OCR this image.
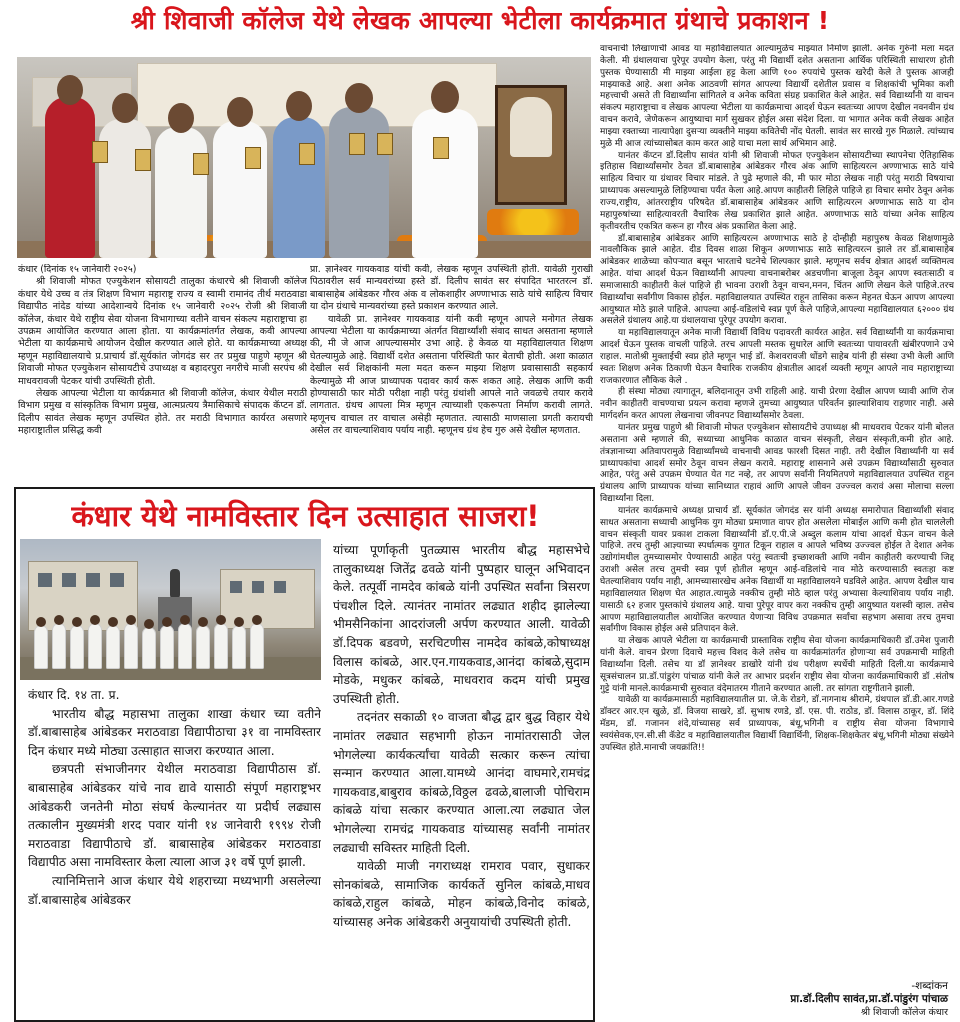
श्री शिवाजी कॉलेज येथे लेखक आपल्या भेटीला कार्यक्रमात ग्रंथाचे प्रकाशन !

कंधार (दिनांक १५ जानेवारी २०२५)

श्री शिवाजी मोफत एज्युकेशन सोसायटी तालुका कंधारचे श्री शिवाजी कॉलेज कंधार येथे उच्च व तंत्र शिक्षण विभाग महाराष्ट्र राज्य व स्वामी रामानंद तीर्थ मराठवाडा विद्यापीठ नांदेड यांच्या आदेशान्वये दिनांक १५ जानेवारी २०२५ रोजी श्री शिवाजी कॉलेज, कंधार येथे राष्ट्रीय सेवा योजना विभागाच्या वतीने वाचन संकल्प महाराष्ट्राचा हा उपक्रम आयोजित करण्यात आला होता. या कार्यक्रमांतर्गत लेखक, कवी आपल्या भेटीला या कार्यक्रमाचे आयोजन देखील करण्यात आले होते. या कार्यक्रमाच्या अध्यक्ष म्हणून महाविद्यालयाचे प्र.प्राचार्य डॉ.सूर्यकांत जोगदंड सर तर प्रमुख पाहुणे म्हणून श्री शिवाजी मोफत एज्युकेशन सोसायटीचे उपाध्यक्ष व बहादरपुरा नगरीचे माजी सरपंच श्री माधवरावजी पेटकर यांची उपस्थिती होती.

लेखक आपल्या भेटीला या कार्यक्रमात श्री शिवाजी कॉलेज, कंधार येथील मराठी विभाग प्रमुख व सांस्कृतिक विभाग प्रमुख, आत्मप्रत्यय त्रैमासिकाचे संपादक कॅप्टन डॉ. दिलीप सावंत लेखक म्हणून उपस्थित होते. तर मराठी विभागात कार्यरत असणारे महाराष्ट्रातील प्रसिद्ध कवी

प्रा. ज्ञानेश्वर गायकवाड यांची कवी, लेखक म्हणून उपस्थिती होती. यावेळी गुराखी पिठावरील सर्व मान्यवरांच्या हस्ते डॉ. दिलीप सावंत सर संपादित भारतरत्न डॉ. बाबासाहेब आंबेडकर गौरव अंक व लोकशाहीर अण्णाभाऊ साठे यांचे साहित्य विचार या दोन ग्रंथाचे मान्यवरांच्या हस्ते प्रकाशन करण्यात आले.

यावेळी प्रा. ज्ञानेश्वर गायकवाड यांनी कवी म्हणून आपले मनोगत लेखक आपल्या भेटीला या कार्यक्रमाच्या अंतर्गत विद्यार्थ्यांशी संवाद साधत असताना म्हणाले की, मी जे आज आपल्यासमोर उभा आहे. हे केवळ या महाविद्यालयात शिक्षण घेतल्यामुळे आहे. विद्यार्थी दशेत असताना परिस्थिती फार बेताची होती. अशा काळात देखील सर्व शिक्षकांनी मला मदत करून माझ्या शिक्षण प्रवासासाठी सहकार्य केल्यामुळे मी आज प्राध्यापक पदावर कार्य करू शकत आहे. लेखक आणि कवी होण्यासाठी फार मोठी परीक्षा नाही परंतु ग्रंथांशी आपले नाते जवळचे तयार करावे लागतात. ग्रंथच आपला मित्र म्हणून त्याच्याशी एकरूपता निर्माण करावी लागते. म्हणूनच वाचाल तर वाचाल असेही म्हणतात. त्यासाठी माणसाला प्रगती करायची असेल तर वाचल्याशिवाय पर्याय नाही. म्हणूनच ग्रंथ हेच गुरु असे देखील म्हणतात.

वाचनाची लिखाणाची आवड या महाविद्यालयात आल्यामुळेच माझ्यात निर्माण झाली. अनेक गुरुंनी मला मदत केली. मी ग्रंथालयाचा पुरेपूर उपयोग केला, परंतु मी विद्यार्थी दशेत असताना आर्थिक परिस्थिती साधारण होती पुस्तक घेण्यासाठी मी माझ्या आईला हट्ट केला आणि १०० रुपयांचे पुस्तक खरेदी केले ते पुस्तक आजही माझ्याकडे आहे. अशा अनेक आठवणी सांगत आपल्या विद्यार्थी दशेतील प्रवास व शिक्षकांची भूमिका कशी महत्त्वाची असते ती विद्यार्थ्यांना सांगितले व अनेक कविता संग्रह प्रकाशित केले आहेत. सर्व विद्यार्थ्यांनी या वाचन संकल्प महाराष्ट्राचा व लेखक आपल्या भेटीला या कार्यक्रमाचा आदर्श घेऊन स्वतःच्या आपण देखील नवनवीन ग्रंथ वाचन करावे, जेणेकरून आयुष्याचा मार्ग सुखकर होईल असा संदेश दिला. या भागात अनेक कवी लेखक आहेत माझ्या रक्ताच्या नात्यापेक्षा दुसऱ्या व्यक्तीने माझ्या कवितेची नोंद घेतली. सावंत सर सारखे गुरु मिळाले. त्यांच्याच मुळे मी आज त्यांच्यासोबत काम करत आहे याचा मला सार्थ अभिमान आहे.

यानंतर कॅप्टन डॉ.दिलीप सावंत यांनी श्री शिवाजी मोफत एज्युकेशन सोसायटीच्या स्थापनेचा ऐतिहासिक इतिहास विद्यार्थ्यांसमोर ठेवत डॉ.बाबासाहेब आंबेडकर गौरव अंक आणि साहित्यरत्न अण्णाभाऊ साठे यांचे साहित्य विचार या ग्रंथावर विचार मांडले. ते पुढे म्हणाले की, मी फार मोठा लेखक नाही परंतु मराठी विषयाचा प्राध्यापक असल्यामुळे लिहिण्याचा पर्यंत केला आहे.आपण काहीतरी लिहिले पाहिजे हा विचार समोर ठेवून अनेक राज्य,राष्ट्रीय, आंतरराष्ट्रीय परिषदेत डॉ.बाबासाहेब आंबेडकर आणि साहित्यरत्न अण्णाभाऊ साठे या दोन महापुरुषांच्या साहित्यावरती वैचारिक लेख प्रकाशित झाले आहेत. अण्णाभाऊ साठे यांच्या अनेक साहित्य कृतीवरतीच एकत्रित करून हा गौरव अंक प्रकाशित केला आहे.

डॉ.बाबासाहेब आंबेडकर आणि साहित्यरत्न अण्णाभाऊ साठे हे दोन्हीही महापुरुष केवळ शिक्षणामुळे नावलौकिक झाले आहेत. दीड दिवस शाळा शिकून अण्णाभाऊ साठे साहित्यरत्न झाले तर डॉ.बाबासाहेब आंबेडकर शाळेच्या कोपऱ्यात बसून भारताचे घटनेचे शिल्पकार झाले. म्हणूनच सर्वच क्षेत्रात आदर्श व्यक्तिमत्व आहेत. यांचा आदर्श घेऊन विद्यार्थ्यांनी आपल्या वाचनाबरोबर अडचणीना बाजूला ठेवून आपण स्वतःसाठी व समाजासाठी काहीतरी केलं पाहिजे ही भावना उराशी ठेवून वाचन,मनन, चिंतन आणि लेखन केले पाहिजे.तरच विद्यार्थ्यांचा सर्वांगीण विकास होईल. महाविद्यालयात उपस्थित राहून तासिका करून मेहनत घेऊन आपण आपल्या आयुष्यात मोठे झाले पाहिजे. आपल्या आई-वडिलांचे स्वप्न पूर्ण केले पाहिजे,आपल्या महाविद्यालयात ६२००० ग्रंथ असलेले ग्रंथालय आहे.या ग्रंथालयाचा पुरेपूर उपयोग करावा.

या महाविद्यालयातून अनेक माजी विद्यार्थी विविध पदावरती कार्यरत आहेत. सर्व विद्यार्थ्यांनी या कार्यक्रमाचा आदर्श घेऊन पुस्तक वाचली पाहिजे. तरच आपली मस्तक सुधारेल आणि स्वतःच्या पायावरती खंबीरपणाने उभे राहाल. मातोश्री मुक्ताईची स्वप्न होते म्हणून भाई डॉ. केशवरावजी धोंडगे साहेब यांनी ही संस्था उभी केली आणि स्वतः शिक्षण अनेक ठिकाणी घेऊन वैचारिक राजकीय क्षेत्रातील आदर्श व्यक्ती म्हणून आपले नाव महाराष्ट्राच्या राजकारणात लौकिक केले .

ही संस्था मोठ्या त्यागातून, बलिदानातून उभी राहिली आहे. याची प्रेरणा देखील आपण घ्यावी आणि रोज नवीन काहीतरी वाचण्याचा प्रयत्न करावा म्हणजे तुमच्या आयुष्यात परिवर्तन झाल्याशिवाय राहणार नाही. असे मार्गदर्शन करत आपला लेखनाचा जीवनपट विद्यार्थ्यांसमोर ठेवला.

यानंतर प्रमुख पाहुणे श्री शिवाजी मोफत एज्युकेशन सोसायटीचे उपाध्यक्ष श्री माधवराव पेटकर यांनी बोलत असताना असे म्हणाले की, सध्याच्या आधुनिक काळात वाचन संस्कृती, लेखन संस्कृती,कमी होत आहे. तंत्रज्ञानाच्या अतिवापरामुळे विद्यार्थ्यांमध्ये वाचनाची आवड फारशी दिसत नाही. तरी देखील विद्यार्थ्यांनी या सर्व प्राध्यापकांचा आदर्श समोर ठेवून वाचन लेखन करावे. महाराष्ट्र शासनाने असे उपक्रम विद्यार्थ्यांसाठी सुरुवात आहेत, परंतु असे उपक्रम घेण्यात येत गट नव्हे, तर आपण सर्वांनी नियमितपणे महाविद्यालयात उपस्थित राहून ग्रंथालय आणि प्राध्यापक यांच्या सानिध्यात राहावं आणि आपले जीवन उज्ज्वल करावं असा मोलाचा सल्ला विद्यार्थ्यांना दिला.

यानंतर कार्यक्रमाचे अध्यक्ष प्राचार्य डॉ. सूर्यकांत जोगदंड सर यांनी अध्यक्ष समारोपात विद्यार्थ्यांशी संवाद साधत असताना सध्याची आधुनिक युग मोठ्या प्रमाणात वापर होत असलेला मोबाईल आणि कमी होत चाललेली वाचन संस्कृती यावर प्रकाश टाकला विद्यार्थ्यांनी डॉ.ए.पी.जे अब्दुल कलाम यांचा आदर्श घेऊन वाचन केले पाहिजे. तरच तुम्ही आज्ञ्याच्या स्पर्धात्मक युगात टिकून राहाल व आपले भविष्य उज्ज्वल होईल ते देशात अनेक उद्योगांमधील तुमच्यासमोर पेण्यासाठी आहेत परंतु स्वतःची इच्छाशक्ती आणि नवीन काहीतरी करण्याची जिद्द उराशी असेल तरच तुमची स्वप्न पूर्ण होतील म्हणून आई-वडिलांचे नाव मोठे करण्यासाठी स्वतःहा कष्ट घेतल्याशिवाय पर्याय नाही, आमच्यासारखेच अनेक विद्यार्थी या महाविद्यालयने घडविले आहेत. आपण देखील याच महाविद्यालयात शिक्षण घेत आहात.त्यामुळे नक्कीच तुम्ही मोठे व्हाल परंतु अभ्यासा केल्याशिवाय पर्याय नाही. यासाठी ६२ हजार पुस्तकांचे ग्रंथालय आहे. याचा पुरेपूर वापर करा नक्कीच तुम्ही आयुष्यात यशस्वी व्हाल. तसेच आपण महाविद्यालयातील आयोजित करण्यात येणाऱ्या विविध उपक्रमात सर्वांचा सहभाग असावा तरच तुमचा सर्वांगीण विकास होईल असे प्रतिपादन केले.

या लेखक आपले भेटीला या कार्यक्रमाची प्रास्ताविक राष्ट्रीय सेवा योजना कार्यक्रमाधिकारी डॉ.उमेश पुजारी यांनी केले. वाचन प्रेरणा दिवाचे महत्त्व विशद केले तसेच या कार्यक्रमांतर्गत होणाऱ्या सर्व उपक्रमाची माहिती विद्यार्थ्यांना दिली. तसेच या डॉ ज्ञानेश्वर डाखोरे यांनी ग्रंथ परीक्षण स्पर्धेची माहिती दिली.या कार्यक्रमाचे सूत्रसंचालन प्रा.डॉ.पांडुरंग पांचाळ यांनी केले तर आभार प्रदर्शन राष्ट्रीय सेवा योजना कार्यक्रमाधिकारी डॉ .संतोष गुट्टे यांनी मानले.कार्यक्रमाची सुरुवात वंदेमातरम गीताने करण्यात आली. तर सांगता राष्ट्रगीताने झाली.

यावेळी या कार्यक्रमासाठी महाविद्यालयातील प्रा. जे.के रोडगे, डॉ.नागनाथ श्रीरामे, ग्रंथपाल डॉ.डी.आर.गणडे डॉक्टर आर.एन खुळे, डॉ. विजया साखरे, डॉ. सुभाष रणडे, डॉ. एस. पी. राठोड, डॉ. विलास ठाकूर, डॉ. शिंदे मॅडम, डॉ. गजानन शंदे,यांच्यासह सर्व प्राध्यापक, बंधू,भगिनी व राष्ट्रीय सेवा योजना विभागाचे स्वयंसेवक,एन.सी.सी कॅडेट व महाविद्यालयातील विद्यार्थी विद्यार्थिनी, शिक्षक-शिक्षकेतर बंधू,भगिनी मोठ्या संख्येने उपस्थित होते.मानाची जयक्रांति!!

-शब्दांकन
प्रा.डॉ.दिलीप सावंत,प्रा.डॉ.पांडुरंग पांचाळ
श्री शिवाजी कॉलेज कंधार
कंधार येथे नामविस्तार दिन उत्साहात साजरा!

कंधार दि. १४ ता. प्र.

भारतीय बौद्ध महासभा तालुका शाखा कंधार च्या वतीने डॉ.बाबासाहेब आंबेडकर मराठवाडा विद्यापीठाचा ३१ वा नामविस्तार दिन कंधार मध्ये मोठ्या उत्साहात साजरा करण्यात आला.

छत्रपती संभाजीनगर येथील मराठवाडा विद्यापीठास डॉ. बाबासाहेब आंबेडकर यांचे नाव द्यावे यासाठी संपूर्ण महाराष्ट्रभर आंबेडकरी जनतेनी मोठा संघर्ष केल्यानंतर या प्रदीर्घ लढ्यास तत्कालीन मुख्यमंत्री शरद पवार यांनी १४ जानेवारी १९९४ रोजी मराठवाडा विद्यापीठाचे डॉ. बाबासाहेब आंबेडकर मराठवाडा विद्यापीठ असा नामविस्तार केला त्याला आज ३१ वर्षे पूर्ण झाली.

त्यानिमित्ताने आज कंधार येथे शहराच्या मध्यभागी असलेल्या डॉ.बाबासाहेब आंबेडकर

यांच्या पूर्णाकृती पुतळ्यास भारतीय बौद्ध महासभेचे तालुकाध्यक्ष जितेंद्र ढवळे यांनी पुष्पहार घालून अभिवादन केले. तत्पूर्वी नामदेव कांबळे यांनी उपस्थित सर्वांना त्रिसरण पंचशील दिले. त्यानंतर नामांतर लढ्यात शहीद झालेल्या भीमसैनिकांना आदरांजली अर्पण करण्यात आली. यावेळी डॉ.दिपक बडवणे, सरचिटणीस नामदेव कांबळे,कोषाध्यक्ष विलास कांबळे, आर.एन.गायकवाड,आनंदा कांबळे,सुदाम मोडके, मधुकर कांबळे, माधवराव कदम यांची प्रमुख उपस्थिती होती.

तदनंतर सकाळी १० वाजता बौद्ध द्वार बुद्ध विहार येथे नामांतर लढ्यात सहभागी होऊन नामांतरासाठी जेल भोगलेल्या कार्यकर्त्यांचा यावेळी सत्कार करून त्यांचा सन्मान करण्यात आला.यामध्ये आनंदा वाघमारे,रामचंद्र गायकवाड,बाबुराव कांबळे,विठ्ठल ढवळे,बालाजी पोचिराम कांबळे यांचा सत्कार करण्यात आला.त्या लढ्यात जेल भोगलेल्या रामचंद्र गायकवाड यांच्यासह सर्वांनी नामांतर लढ्याची सविस्तर माहिती दिली.

यावेळी माजी नगराध्यक्ष रामराव पवार, सुधाकर सोनकांबळे, सामाजिक कार्यकर्ते सुनिल कांबळे,माधव कांबळे,राहुल कांबळे, मोहन कांबळे,विनोद कांबळे, यांच्यासह अनेक आंबेडकरी अनुयायांची उपस्थिती होती.
